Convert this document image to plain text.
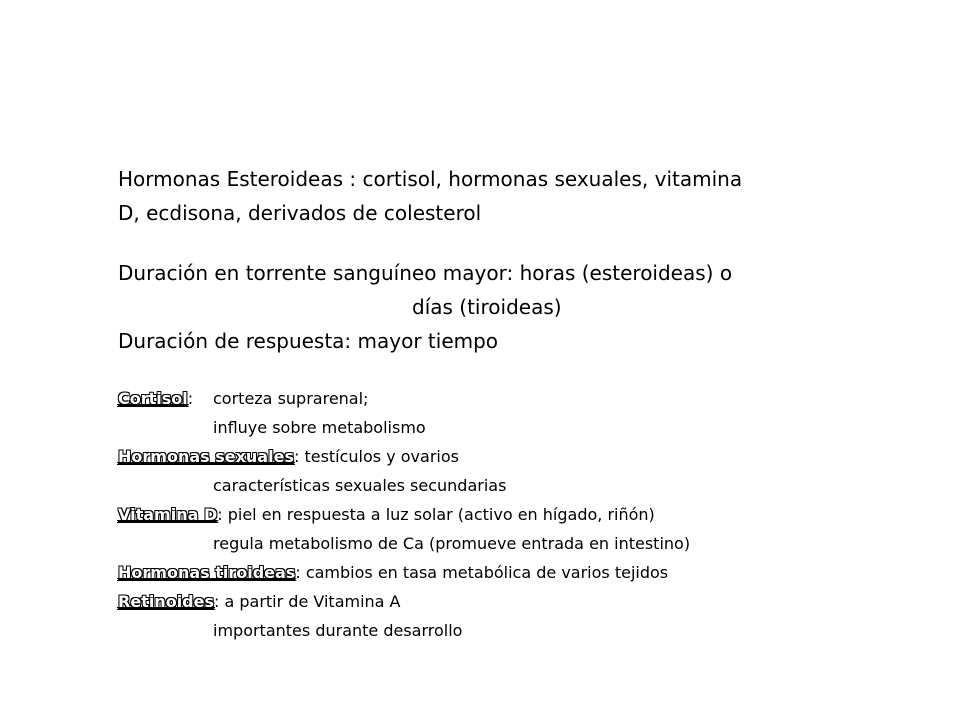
Hormonas Esteroideas : cortisol, hormonas sexuales, vitamina

D, ecdisona, derivados de colesterol

Duración en torrente sanguíneo mayor: horas (esteroideas) o

días (tiroideas)

Duración de respuesta: mayor tiempo

Cortisol: corteza suprarenal;
influye sobre metabolismo
Hormonas sexuales: testículos y ovarios
características sexuales secundarias
Vitamina D: piel en respuesta a luz solar (activo en hígado, riñón)
regula metabolismo de Ca (promueve entrada en intestino)
Hormonas tiroideas: cambios en tasa metabólica de varios tejidos
Retinoides: a partir de Vitamina A
importantes durante desarrollo
